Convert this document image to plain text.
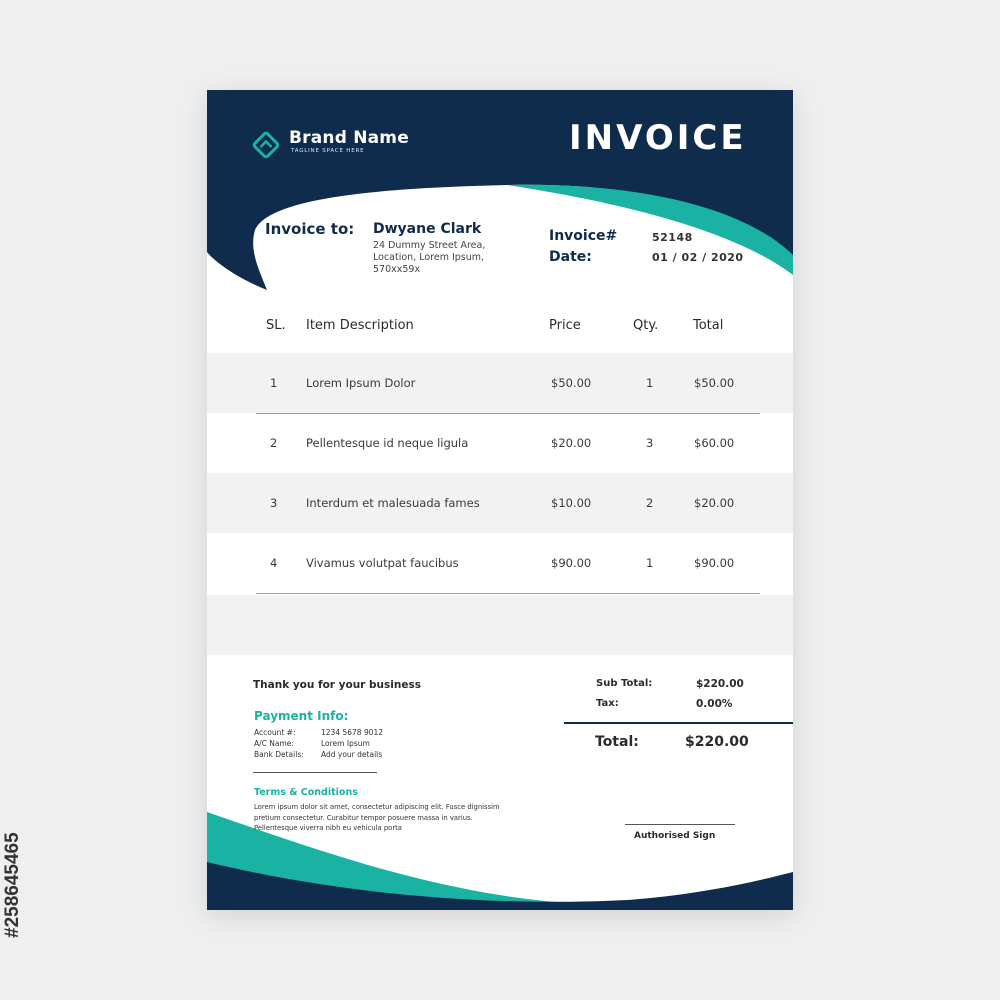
#258645465
Brand Name
TAGLINE SPACE HERE	INVOICE
Invoice to: Dwyane Clark
24 Dummy Street Area, Location, Lorem Ipsum, 570xx59x
Invoice#	52148
Date:	01 / 02 / 2020
SL. Item Description	Price	Qty.	Total
1 Lorem Ipsum Dolor	$50.00	1	$50.00
2 Pellentesque id neque ligula	$20.00	3	$60.00
3 Interdum et malesuada fames	$10.00	2	$20.00
4 Vivamus volutpat faucibus	$90.00	1	$90.00
Thank you for your business
Payment Info:
Account #:	1234 5678 9012
A/C Name:	Lorem Ipsum
Bank Details: Add your details
Terms & Conditions
Lorem ipsum dolor sit amet, consectetur adipiscing elit. Fusce dignissim pretium consectetur. Curabitur tempor posuere massa in varius. Pellentesque viverra nibh eu vehicula porta
Sub Total:	$220.00
Tax:	0.00%
Total:	$220.00
Authorised Sign
